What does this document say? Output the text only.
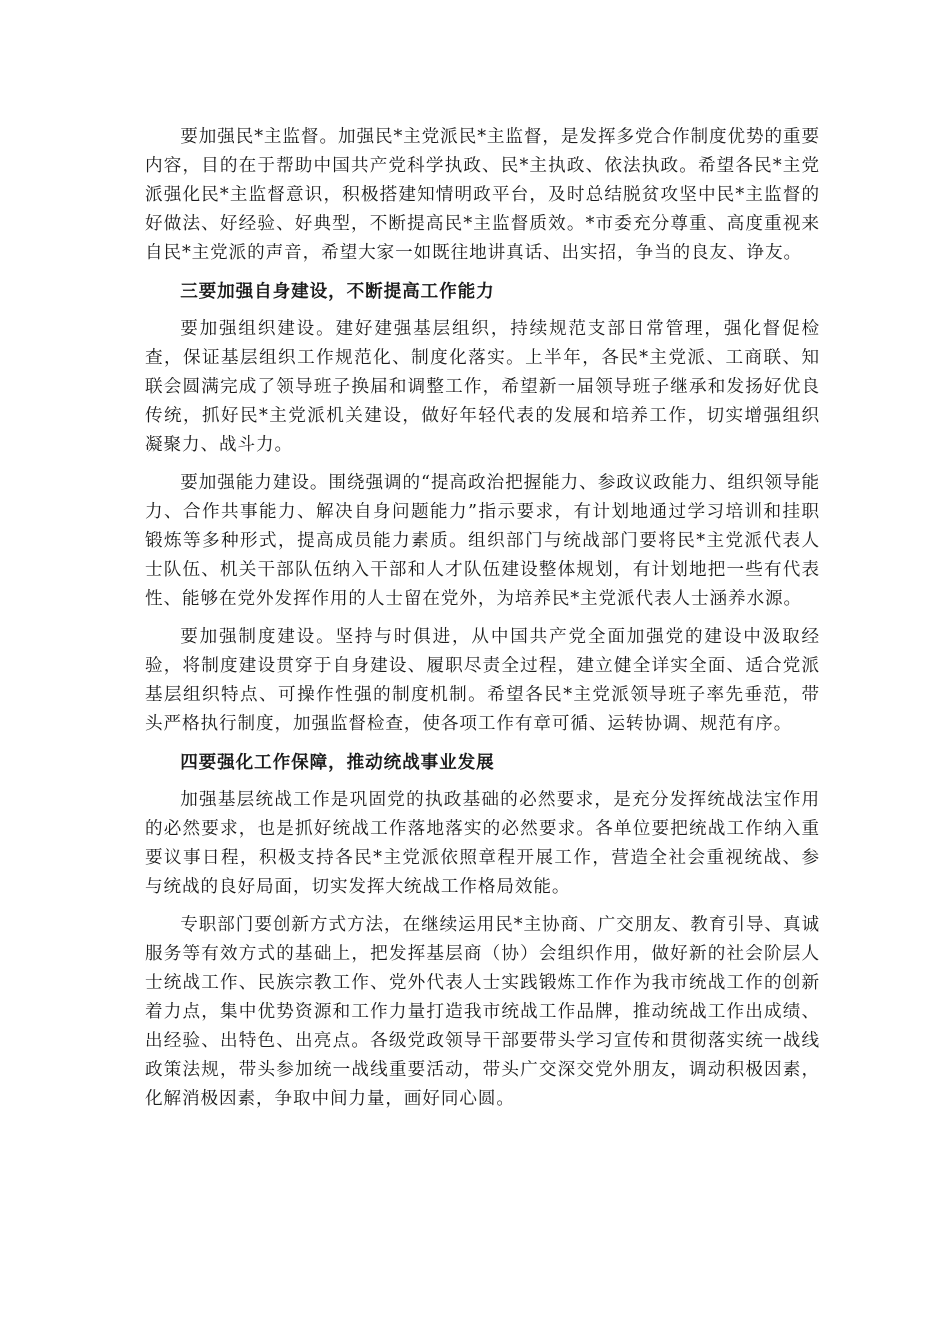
要加强民*主监督。加强民*主党派民*主监督，是发挥多党合作制度优势的重要内容，目的在于帮助中国共产党科学执政、民*主执政、依法执政。希望各民*主党派强化民*主监督意识，积极搭建知情明政平台，及时总结脱贫攻坚中民*主监督的好做法、好经验、好典型，不断提高民*主监督质效。*市委充分尊重、高度重视来自民*主党派的声音，希望大家一如既往地讲真话、出实招，争当的良友、诤友。

三要加强自身建设，不断提高工作能力

要加强组织建设。建好建强基层组织，持续规范支部日常管理，强化督促检查，保证基层组织工作规范化、制度化落实。上半年，各民*主党派、工商联、知联会圆满完成了领导班子换届和调整工作，希望新一届领导班子继承和发扬好优良传统，抓好民*主党派机关建设，做好年轻代表的发展和培养工作，切实增强组织凝聚力、战斗力。

要加强能力建设。围绕强调的“提高政治把握能力、参政议政能力、组织领导能力、合作共事能力、解决自身问题能力”指示要求，有计划地通过学习培训和挂职锻炼等多种形式，提高成员能力素质。组织部门与统战部门要将民*主党派代表人士队伍、机关干部队伍纳入干部和人才队伍建设整体规划，有计划地把一些有代表性、能够在党外发挥作用的人士留在党外，为培养民*主党派代表人士涵养水源。

要加强制度建设。坚持与时俱进，从中国共产党全面加强党的建设中汲取经验，将制度建设贯穿于自身建设、履职尽责全过程，建立健全详实全面、适合党派基层组织特点、可操作性强的制度机制。希望各民*主党派领导班子率先垂范，带头严格执行制度，加强监督检查，使各项工作有章可循、运转协调、规范有序。

四要强化工作保障，推动统战事业发展

加强基层统战工作是巩固党的执政基础的必然要求，是充分发挥统战法宝作用的必然要求，也是抓好统战工作落地落实的必然要求。各单位要把统战工作纳入重要议事日程，积极支持各民*主党派依照章程开展工作，营造全社会重视统战、参与统战的良好局面，切实发挥大统战工作格局效能。

专职部门要创新方式方法，在继续运用民*主协商、广交朋友、教育引导、真诚服务等有效方式的基础上，把发挥基层商（协）会组织作用，做好新的社会阶层人士统战工作、民族宗教工作、党外代表人士实践锻炼工作作为我市统战工作的创新着力点，集中优势资源和工作力量打造我市统战工作品牌，推动统战工作出成绩、出经验、出特色、出亮点。各级党政领导干部要带头学习宣传和贯彻落实统一战线政策法规，带头参加统一战线重要活动，带头广交深交党外朋友，调动积极因素，化解消极因素，争取中间力量，画好同心圆。
